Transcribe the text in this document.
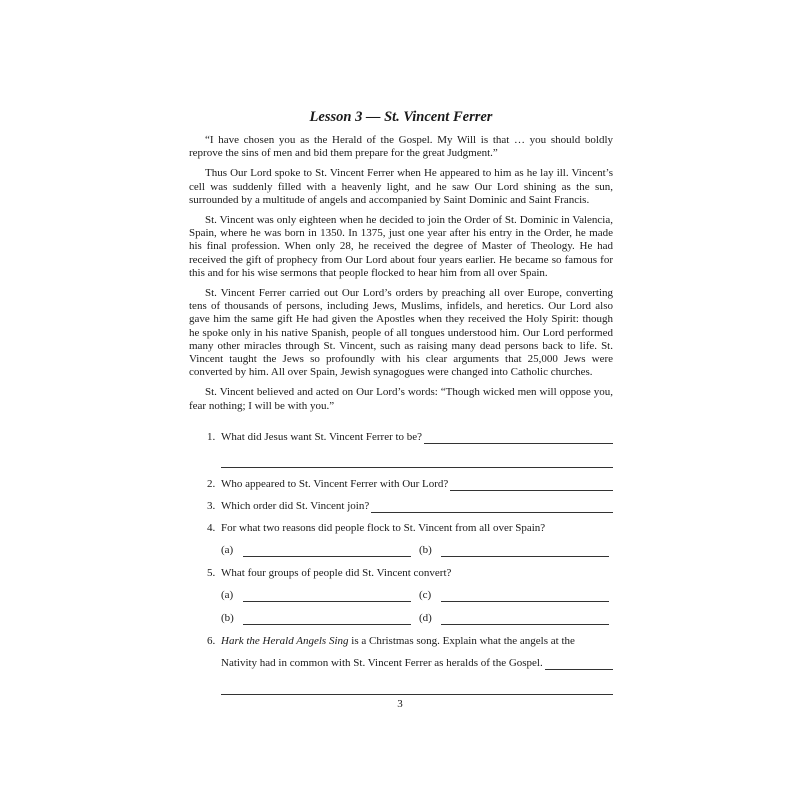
Lesson 3 — St. Vincent Ferrer

“I have chosen you as the Herald of the Gospel. My Will is that … you should boldly reprove the sins of men and bid them prepare for the great Judgment.”

Thus Our Lord spoke to St. Vincent Ferrer when He appeared to him as he lay ill. Vincent’s cell was suddenly filled with a heavenly light, and he saw Our Lord shining as the sun, surrounded by a multitude of angels and accompanied by Saint Dominic and Saint Francis.

St. Vincent was only eighteen when he decided to join the Order of St. Dominic in Valencia, Spain, where he was born in 1350. In 1375, just one year after his entry in the Order, he made his final profession. When only 28, he received the degree of Master of Theology. He had received the gift of prophecy from Our Lord about four years earlier. He became so famous for this and for his wise sermons that people flocked to hear him from all over Spain.

St. Vincent Ferrer carried out Our Lord’s orders by preaching all over Europe, converting tens of thousands of persons, including Jews, Muslims, infidels, and heretics. Our Lord also gave him the same gift He had given the Apostles when they received the Holy Spirit: though he spoke only in his native Spanish, people of all tongues understood him. Our Lord performed many other miracles through St. Vincent, such as raising many dead persons back to life. St. Vincent taught the Jews so profoundly with his clear arguments that 25,000 Jews were converted by him. All over Spain, Jewish synagogues were changed into Catholic churches.

St. Vincent believed and acted on Our Lord’s words: “Though wicked men will oppose you, fear nothing; I will be with you.”

1. What did Jesus want St. Vincent Ferrer to be?
2. Who appeared to St. Vincent Ferrer with Our Lord?
3. Which order did St. Vincent join?
4. For what two reasons did people flock to St. Vincent from all over Spain?
(a)	(b)
5. What four groups of people did St. Vincent convert?
(a)	(c)
(b)	(d)
6. Hark the Herald Angels Sing is a Christmas song. Explain what the angels at the
Nativity had in common with St. Vincent Ferrer as heralds of the Gospel.
3
